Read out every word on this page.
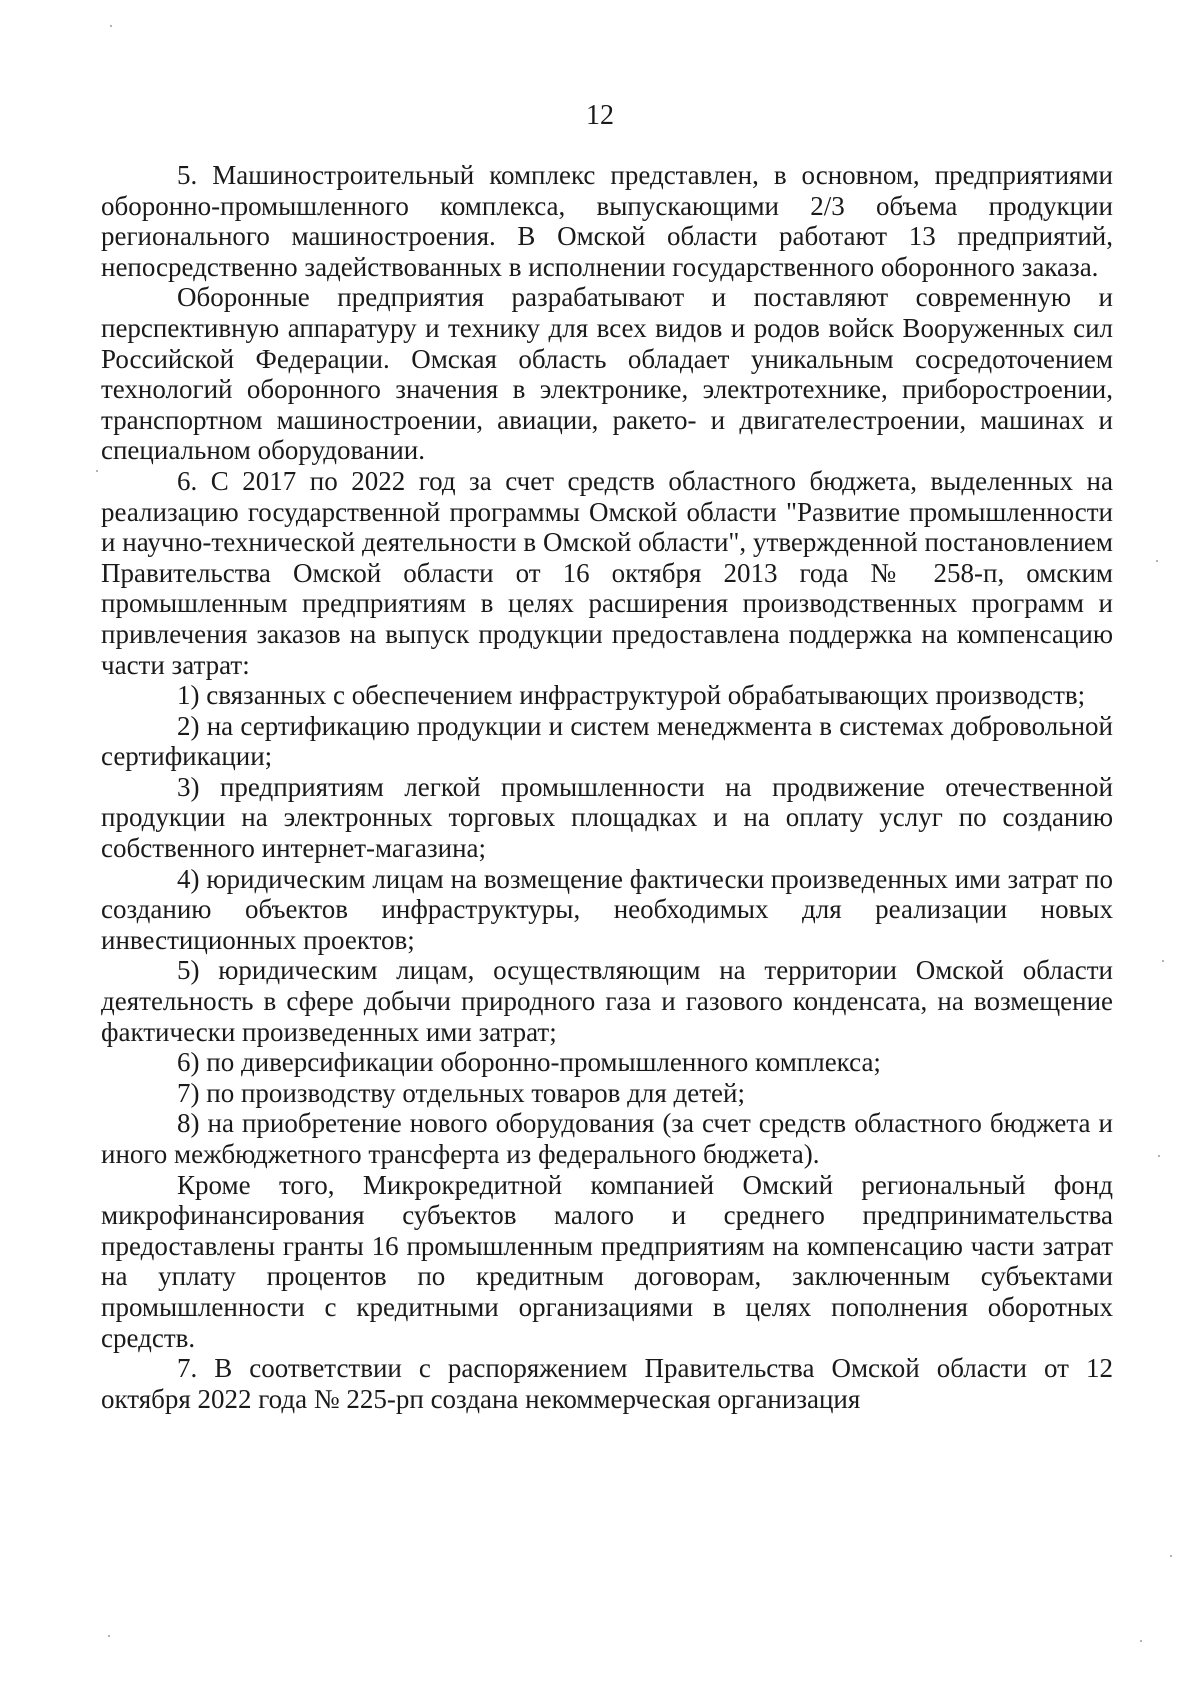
12

5. Машиностроительный комплекс представлен, в основном, предприятиями оборонно-промышленного комплекса, выпускающими 2/3 объема продукции регионального машиностроения. В Омской области работают 13 предприятий, непосредственно задействованных в исполнении государственного оборонного заказа.

Оборонные предприятия разрабатывают и поставляют современную и перспективную аппаратуру и технику для всех видов и родов войск Вооруженных сил Российской Федерации. Омская область обладает уникальным сосредоточением технологий оборонного значения в электронике, электротехнике, приборостроении, транспортном машиностроении, авиации, ракето- и двигателестроении, машинах и специальном оборудовании.

6. С 2017 по 2022 год за счет средств областного бюджета, выделенных на реализацию государственной программы Омской области "Развитие промышленности и научно-технической деятельности в Омской области", утвержденной постановлением Правительства Омской области от 16 октября 2013 года № 258-п, омским промышленным предприятиям в целях расширения производственных программ и привлечения заказов на выпуск продукции предоставлена поддержка на компенсацию части затрат:

1) связанных с обеспечением инфраструктурой обрабатывающих производств;

2) на сертификацию продукции и систем менеджмента в системах добровольной сертификации;

3) предприятиям легкой промышленности на продвижение отечественной продукции на электронных торговых площадках и на оплату услуг по созданию собственного интернет-магазина;

4) юридическим лицам на возмещение фактически произведенных ими затрат по созданию объектов инфраструктуры, необходимых для реализации новых инвестиционных проектов;

5) юридическим лицам, осуществляющим на территории Омской области деятельность в сфере добычи природного газа и газового конденсата, на возмещение фактически произведенных ими затрат;

6) по диверсификации оборонно-промышленного комплекса;

7) по производству отдельных товаров для детей;

8) на приобретение нового оборудования (за счет средств областного бюджета и иного межбюджетного трансферта из федерального бюджета).

Кроме того, Микрокредитной компанией Омский региональный фонд микрофинансирования субъектов малого и среднего предпринимательства предоставлены гранты 16 промышленным предприятиям на компенсацию части затрат на уплату процентов по кредитным договорам, заключенным субъектами промышленности с кредитными организациями в целях пополнения оборотных средств.

7. В соответствии с распоряжением Правительства Омской области от 12 октября 2022 года № 225-рп создана некоммерческая организация
